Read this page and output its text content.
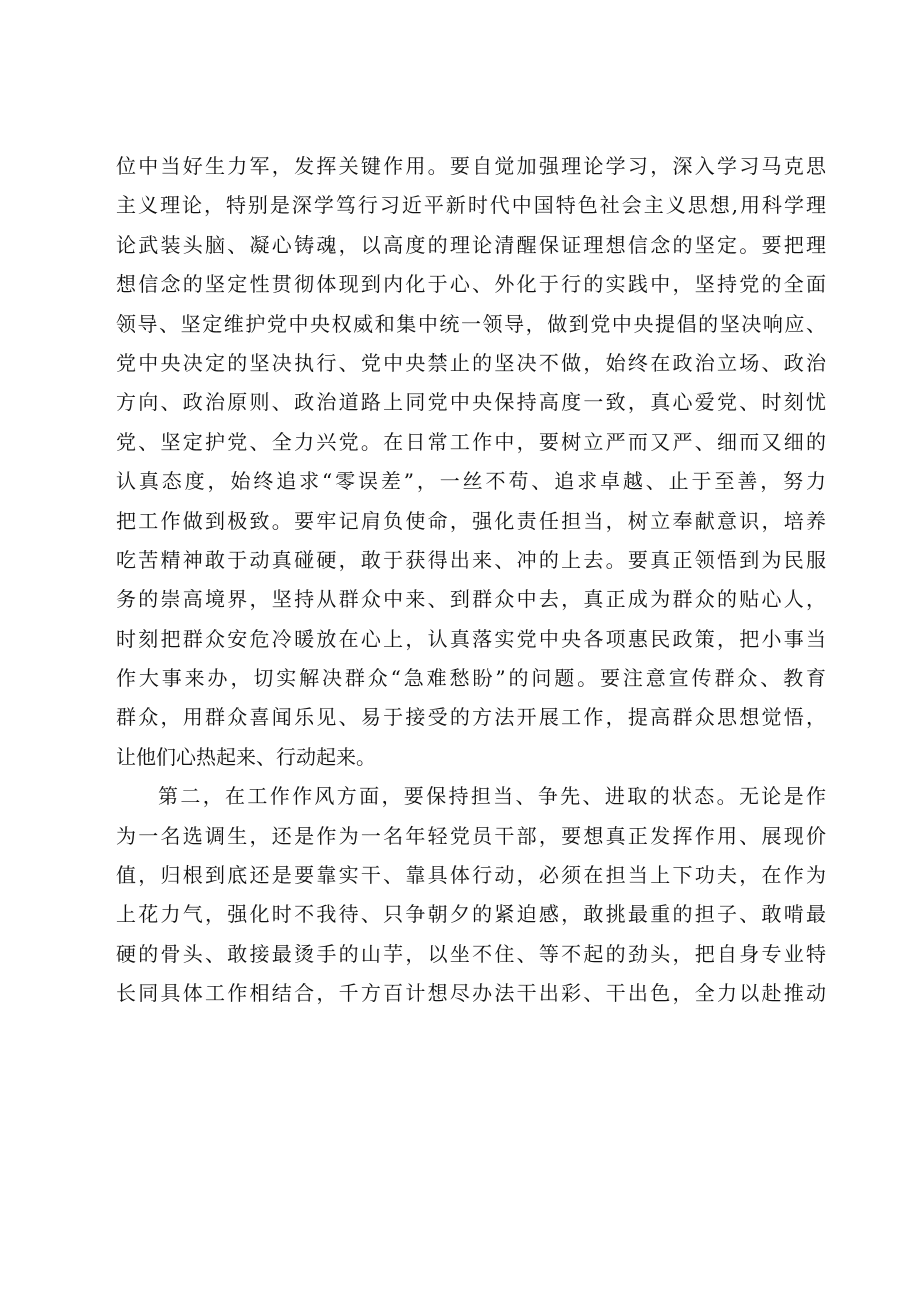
位中当好生力军，发挥关键作用。要自觉加强理论学习，深入学习马克思
主义理论，特别是深学笃行习近平新时代中国特色社会主义思想,用科学理
论武装头脑、凝心铸魂，以高度的理论清醒保证理想信念的坚定。要把理
想信念的坚定性贯彻体现到内化于心、外化于行的实践中，坚持党的全面
领导、坚定维护党中央权威和集中统一领导，做到党中央提倡的坚决响应、
党中央决定的坚决执行、党中央禁止的坚决不做，始终在政治立场、政治
方向、政治原则、政治道路上同党中央保持高度一致，真心爱党、时刻忧
党、坚定护党、全力兴党。在日常工作中，要树立严而又严、细而又细的
认真态度，始终追求“零误差”，一丝不苟、追求卓越、止于至善，努力
把工作做到极致。要牢记肩负使命，强化责任担当，树立奉献意识，培养
吃苦精神敢于动真碰硬，敢于获得出来、冲的上去。要真正领悟到为民服
务的崇高境界，坚持从群众中来、到群众中去，真正成为群众的贴心人，
时刻把群众安危冷暖放在心上，认真落实党中央各项惠民政策，把小事当
作大事来办，切实解决群众“急难愁盼”的问题。要注意宣传群众、教育
群众，用群众喜闻乐见、易于接受的方法开展工作，提高群众思想觉悟，
让他们心热起来、行动起来。
第二，在工作作风方面，要保持担当、争先、进取的状态。无论是作
为一名选调生，还是作为一名年轻党员干部，要想真正发挥作用、展现价
值，归根到底还是要靠实干、靠具体行动，必须在担当上下功夫，在作为
上花力气，强化时不我待、只争朝夕的紧迫感，敢挑最重的担子、敢啃最
硬的骨头、敢接最烫手的山芋，以坐不住、等不起的劲头，把自身专业特
长同具体工作相结合，千方百计想尽办法干出彩、干出色，全力以赴推动
